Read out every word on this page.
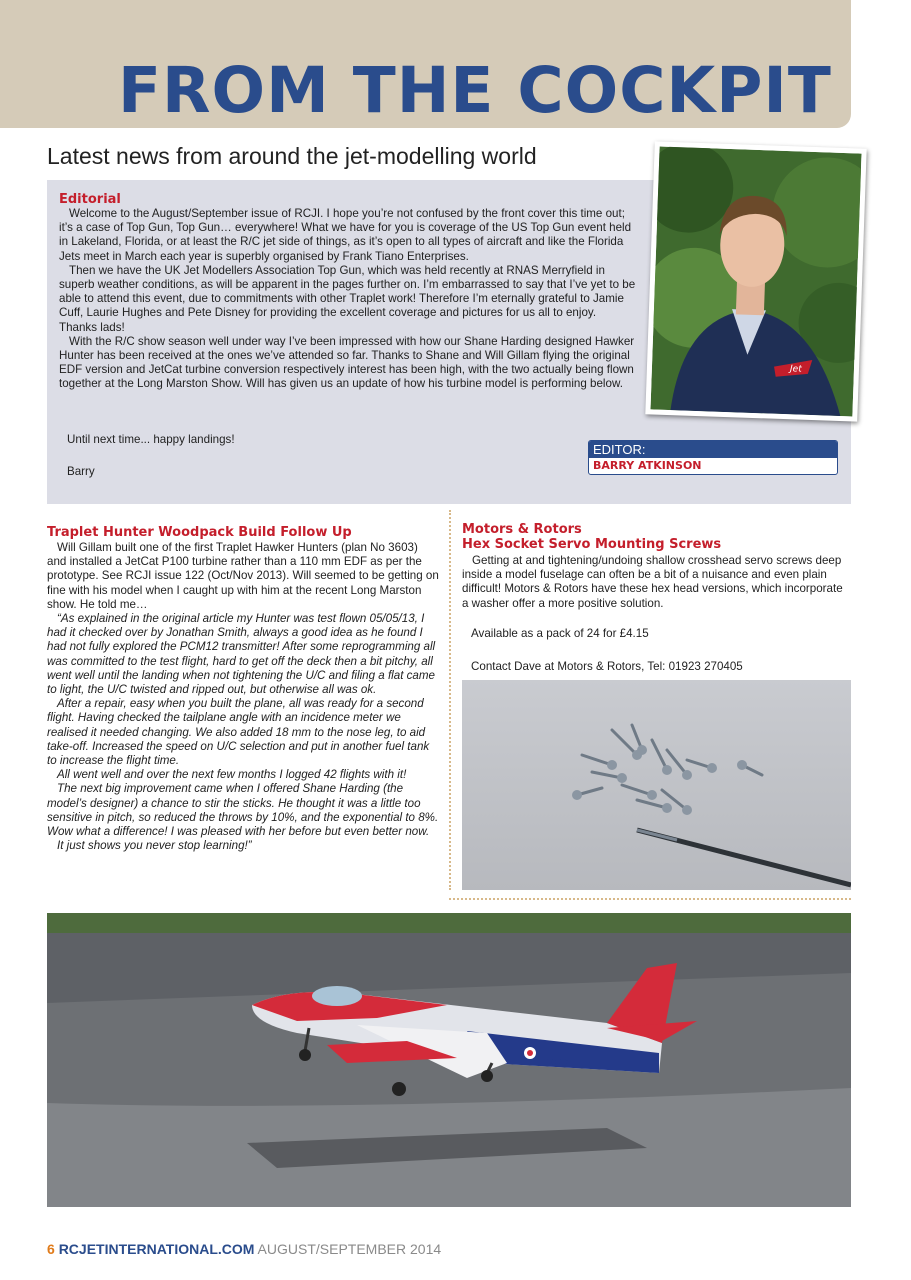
FROM THE COCKPIT
Latest news from around the jet-modelling world
Editorial

Welcome to the August/September issue of RCJI. I hope you’re not confused by the front cover this time out; it’s a case of Top Gun, Top Gun… everywhere! What we have for you is coverage of the US Top Gun event held in Lakeland, Florida, or at least the R/C jet side of things, as it’s open to all types of aircraft and like the Florida Jets meet in March each year is superbly organised by Frank Tiano Enterprises.

Then we have the UK Jet Modellers Association Top Gun, which was held recently at RNAS Merryfield in superb weather conditions, as will be apparent in the pages further on. I’m embarrassed to say that I’ve yet to be able to attend this event, due to commitments with other Traplet work! Therefore I’m eternally grateful to Jamie Cuff, Laurie Hughes and Pete Disney for providing the excellent coverage and pictures for us all to enjoy. Thanks lads!

With the R/C show season well under way I’ve been impressed with how our Shane Harding designed Hawker Hunter has been received at the ones we’ve attended so far. Thanks to Shane and Will Gillam flying the original EDF version and JetCat turbine conversion respectively interest has been high, with the two actually being flown together at the Long Marston Show. Will has given us an update of how his turbine model is performing below.

Until next time... happy landings!
Barry
EDITOR:
BARRY ATKINSON
Jet
Traplet Hunter Woodpack Build Follow Up

Will Gillam built one of the first Traplet Hawker Hunters (plan No 3603) and installed a JetCat P100 turbine rather than a 110 mm EDF as per the prototype. See RCJI issue 122 (Oct/Nov 2013). Will seemed to be getting on fine with his model when I caught up with him at the recent Long Marston show. He told me…

“As explained in the original article my Hunter was test flown 05/05/13, I had it checked over by Jonathan Smith, always a good idea as he found I had not fully explored the PCM12 transmitter! After some reprogramming all was committed to the test flight, hard to get off the deck then a bit pitchy, all went well until the landing when not tightening the U/C and filing a flat came to light, the U/C twisted and ripped out, but otherwise all was ok.

After a repair, easy when you built the plane, all was ready for a second flight. Having checked the tailplane angle with an incidence meter we realised it needed changing. We also added 18 mm to the nose leg, to aid take-off. Increased the speed on U/C selection and put in another fuel tank to increase the flight time.

All went well and over the next few months I logged 42 flights with it!

The next big improvement came when I offered Shane Harding (the model’s designer) a chance to stir the sticks. He thought it was a little too sensitive in pitch, so reduced the throws by 10%, and the exponential to 8%. Wow what a difference! I was pleased with her before but even better now.

It just shows you never stop learning!”

Motors & Rotors
Hex Socket Servo Mounting Screws

Getting at and tightening/undoing shallow crosshead servo screws deep inside a model fuselage can often be a bit of a nuisance and even plain difficult! Motors & Rotors have these hex head versions, which incorporate a washer offer a more positive solution.

Available as a pack of 24 for £4.15
Contact Dave at Motors & Rotors, Tel: 01923 270405
XE601
6 RCJETINTERNATIONAL.COM AUGUST/SEPTEMBER 2014
